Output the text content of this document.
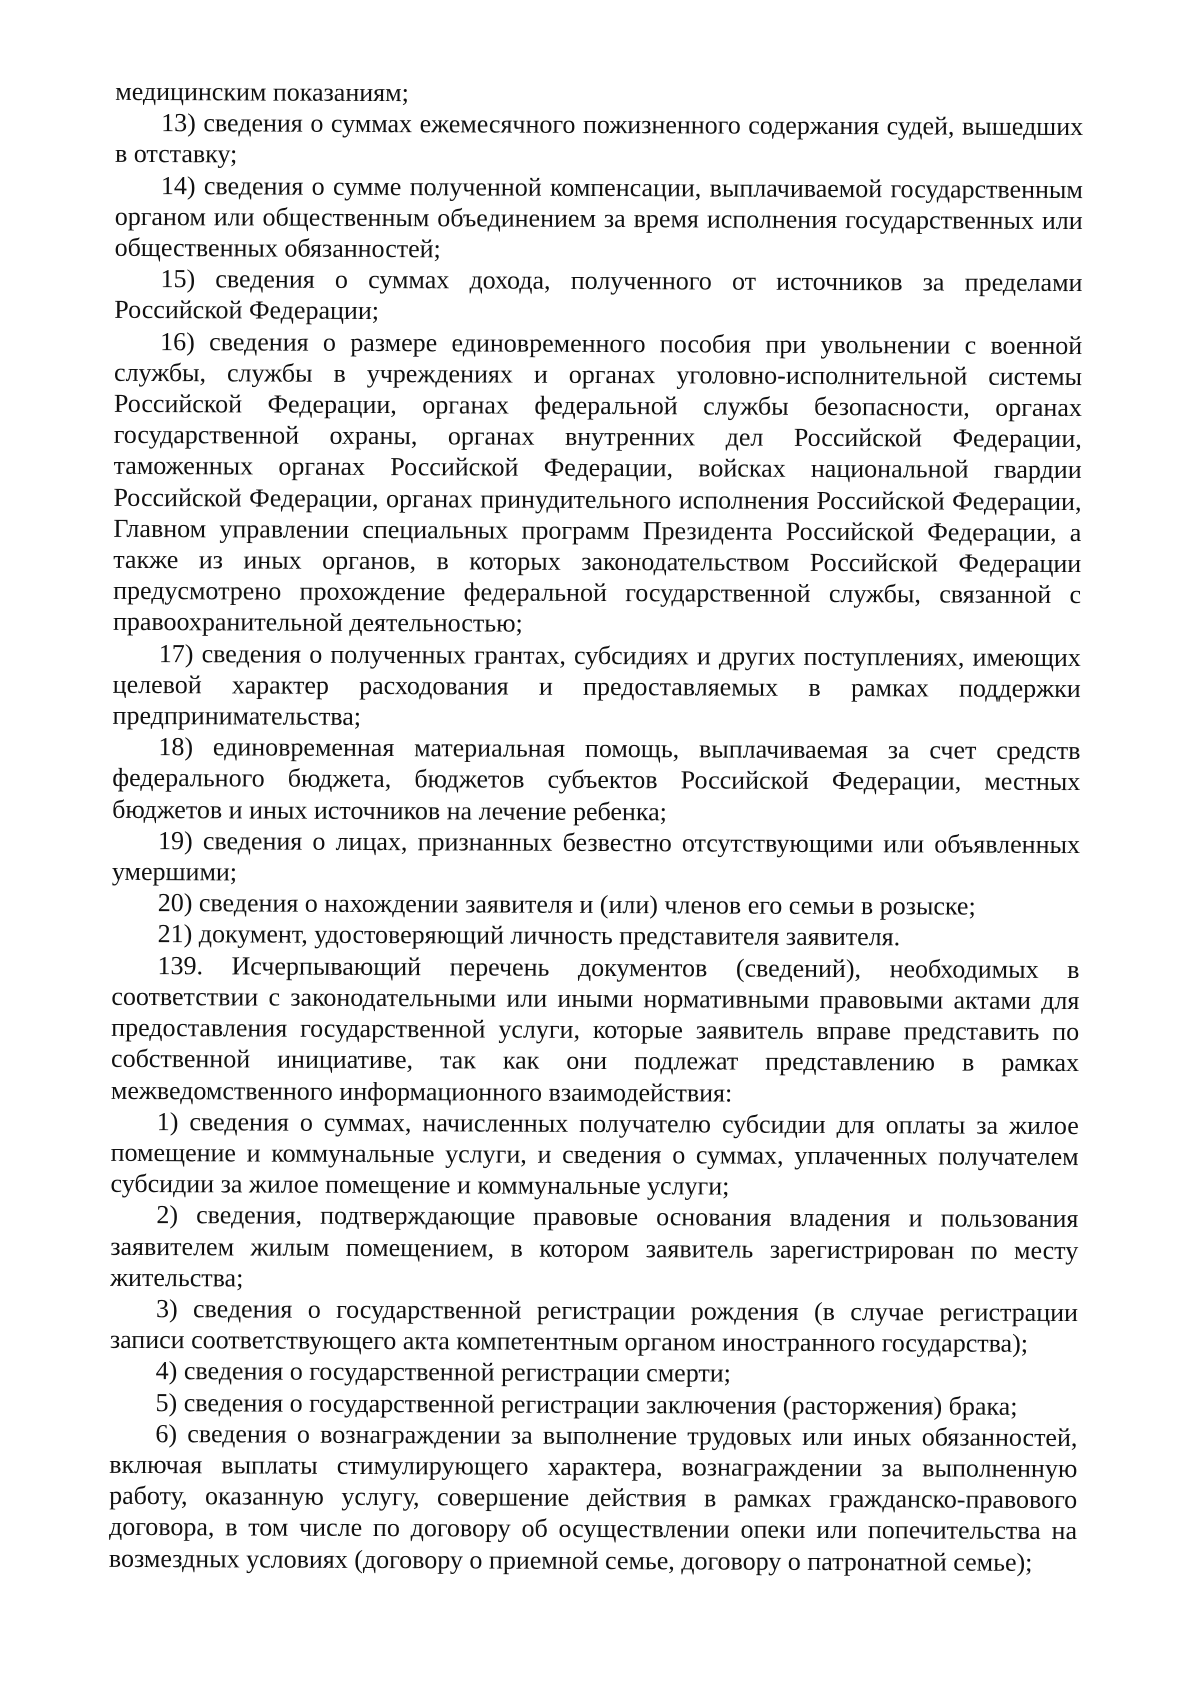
медицинским показаниям;

13) сведения о суммах ежемесячного пожизненного содержания судей, вышедших в отставку;

14) сведения о сумме полученной компенсации, выплачиваемой государственным органом или общественным объединением за время исполнения государственных или общественных обязанностей;

15) сведения о суммах дохода, полученного от источников за пределами Российской Федерации;

16) сведения о размере единовременного пособия при увольнении с военной службы, службы в учреждениях и органах уголовно-исполнительной системы Российской Федерации, органах федеральной службы безопасности, органах государственной охраны, органах внутренних дел Российской Федерации, таможенных органах Российской Федерации, войсках национальной гвардии Российской Федерации, органах принудительного исполнения Российской Федерации, Главном управлении специальных программ Президента Российской Федерации, а также из иных органов, в которых законодательством Российской Федерации предусмотрено прохождение федеральной государственной службы, связанной с правоохранительной деятельностью;

17) сведения о полученных грантах, субсидиях и других поступлениях, имеющих целевой характер расходования и предоставляемых в рамках поддержки предпринимательства;

18) единовременная материальная помощь, выплачиваемая за счет средств федерального бюджета, бюджетов субъектов Российской Федерации, местных бюджетов и иных источников на лечение ребенка;

19) сведения о лицах, признанных безвестно отсутствующими или объявленных умершими;

20) сведения о нахождении заявителя и (или) членов его семьи в розыске;

21) документ, удостоверяющий личность представителя заявителя.

139. Исчерпывающий перечень документов (сведений), необходимых в соответствии с законодательными или иными нормативными правовыми актами для предоставления государственной услуги, которые заявитель вправе представить по собственной инициативе, так как они подлежат представлению в рамках межведомственного информационного взаимодействия:

1) сведения о суммах, начисленных получателю субсидии для оплаты за жилое помещение и коммунальные услуги, и сведения о суммах, уплаченных получателем субсидии за жилое помещение и коммунальные услуги;

2) сведения, подтверждающие правовые основания владения и пользования заявителем жилым помещением, в котором заявитель зарегистрирован по месту жительства;

3) сведения о государственной регистрации рождения (в случае регистрации записи соответствующего акта компетентным органом иностранного государства);

4) сведения о государственной регистрации смерти;

5) сведения о государственной регистрации заключения (расторжения) брака;

6) сведения о вознаграждении за выполнение трудовых или иных обязанностей, включая выплаты стимулирующего характера, вознаграждении за выполненную работу, оказанную услугу, совершение действия в рамках гражданско-правового договора, в том числе по договору об осуществлении опеки или попечительства на возмездных условиях (договору о приемной семье, договору о патронатной семье);
